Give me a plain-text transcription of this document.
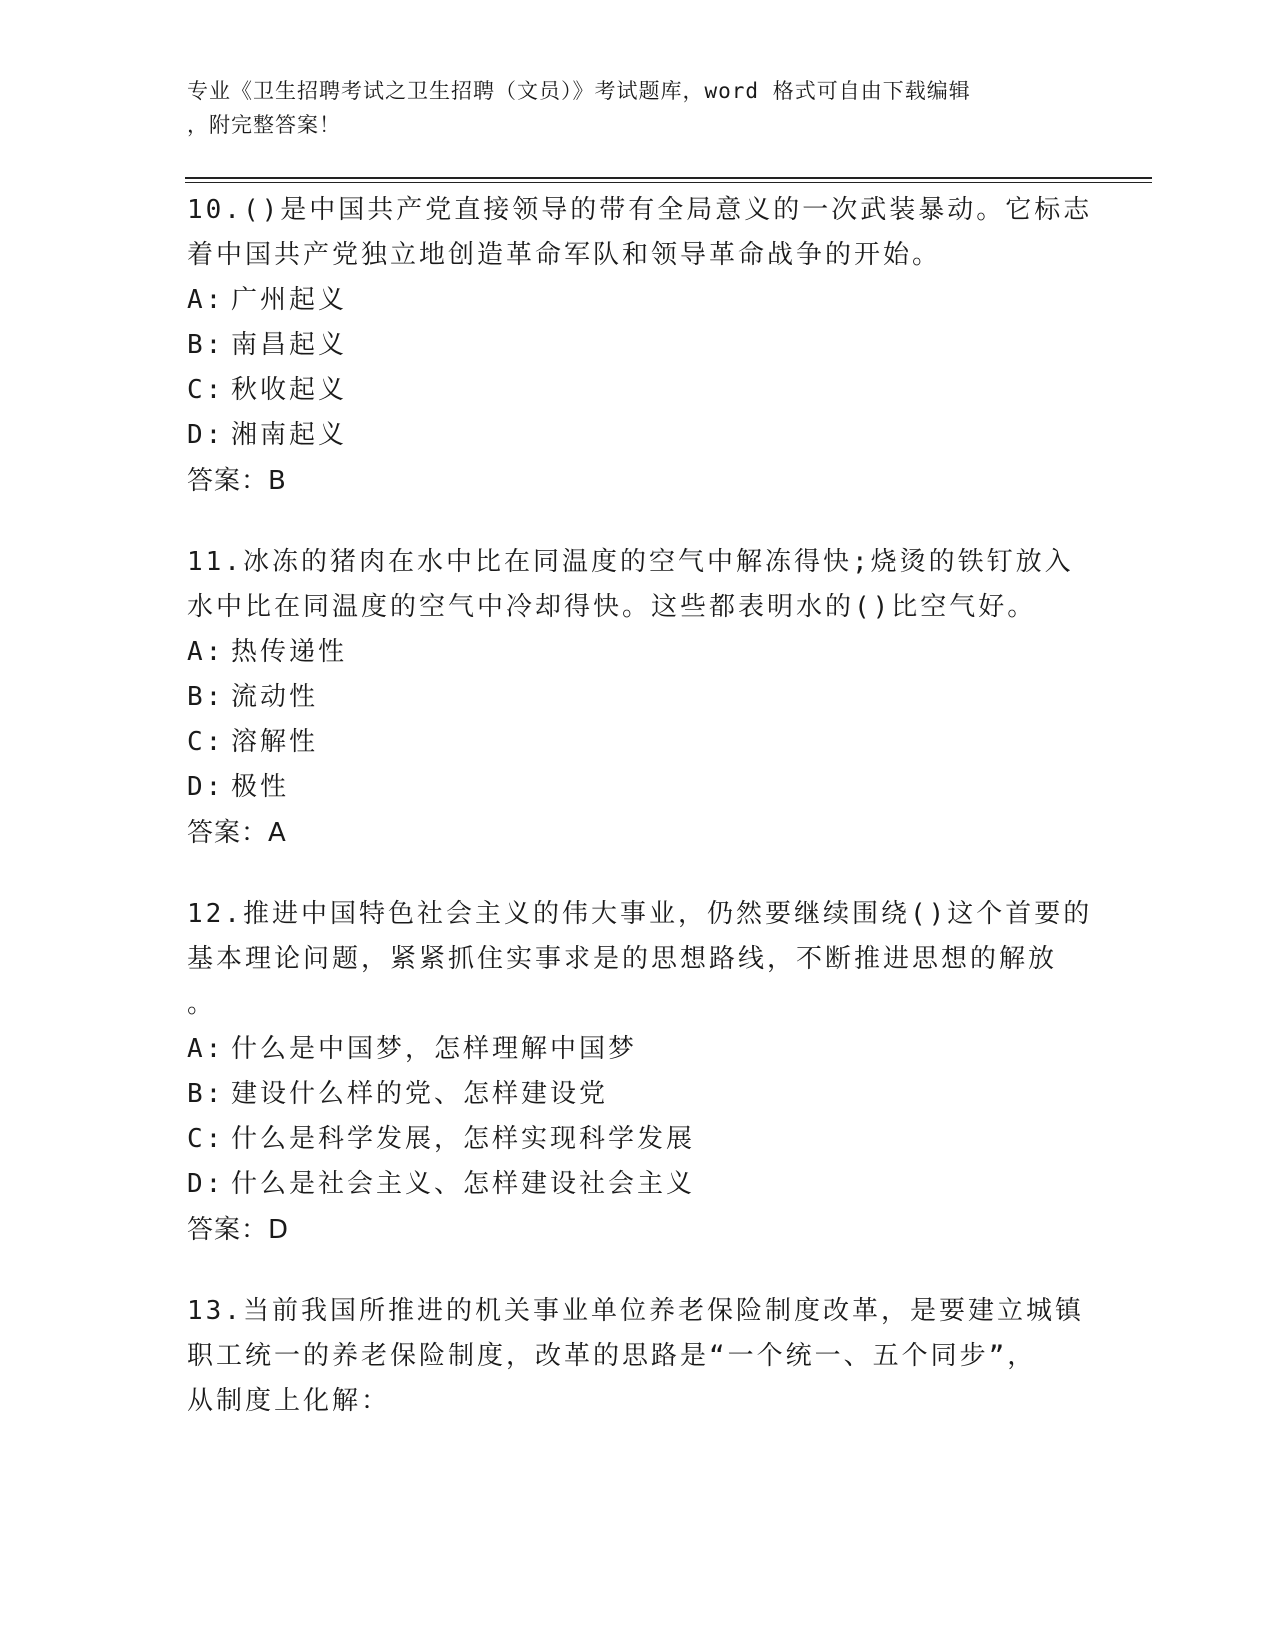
专业《卫生招聘考试之卫生招聘（文员）》考试题库，word 格式可自由下载编辑
，附完整答案！

10.()是中国共产党直接领导的带有全局意义的一次武装暴动。它标志
着中国共产党独立地创造革命军队和领导革命战争的开始。

A: 广州起义
B: 南昌起义
C: 秋收起义
D: 湘南起义
答案：B

11.冰冻的猪肉在水中比在同温度的空气中解冻得快;烧烫的铁钉放入
水中比在同温度的空气中冷却得快。这些都表明水的()比空气好。

A: 热传递性
B: 流动性
C: 溶解性
D: 极性
答案：A

12.推进中国特色社会主义的伟大事业，仍然要继续围绕()这个首要的
基本理论问题，紧紧抓住实事求是的思想路线，不断推进思想的解放
。

A: 什么是中国梦，怎样理解中国梦
B: 建设什么样的党、怎样建设党
C: 什么是科学发展，怎样实现科学发展
D: 什么是社会主义、怎样建设社会主义
答案：D

13.当前我国所推进的机关事业单位养老保险制度改革，是要建立城镇
职工统一的养老保险制度，改革的思路是“一个统一、五个同步”，
从制度上化解：
